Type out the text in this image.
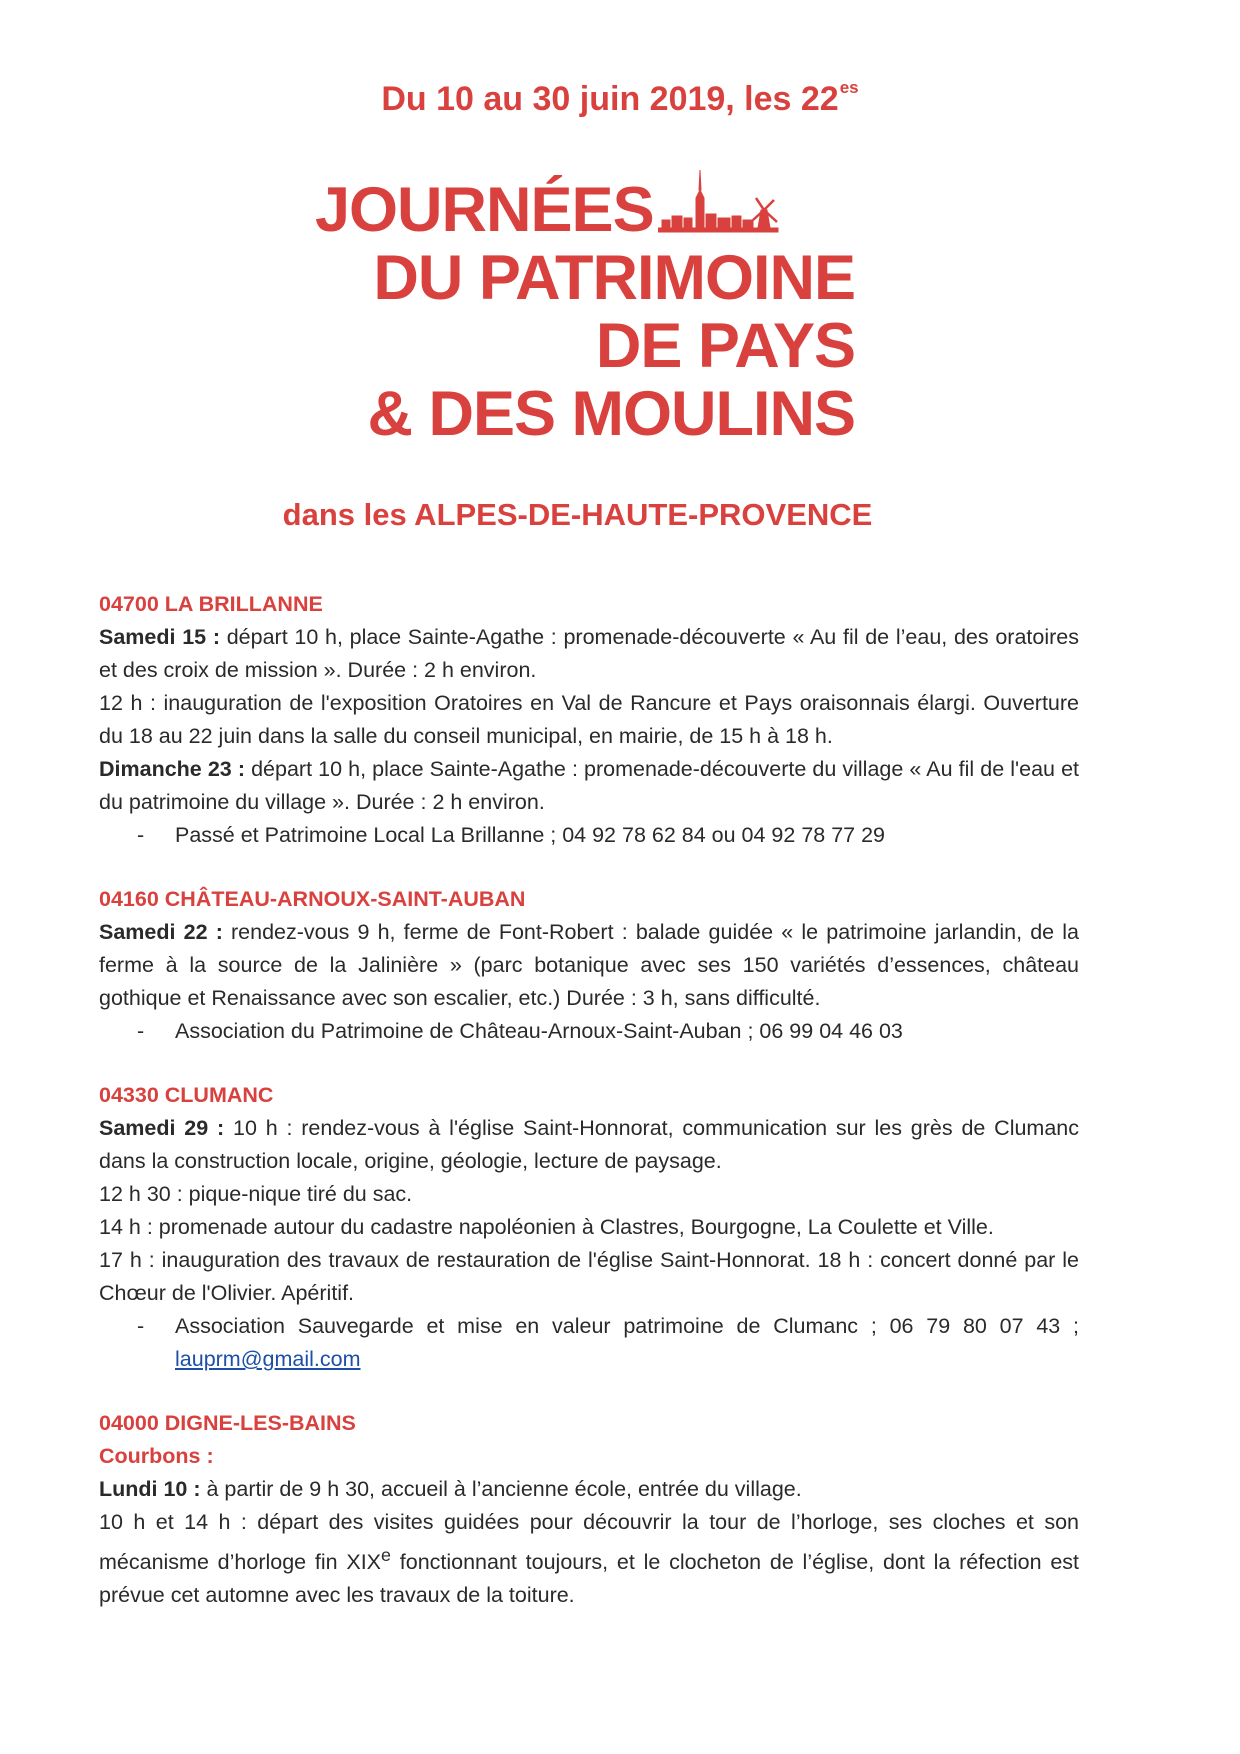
Du 10 au 30 juin 2019, les $22^{es}$
JOURNÉES
DU PATRIMOINE
DE PAYS
& DES MOULINS
dans les ALPES-DE-HAUTE-PROVENCE
04700 LA BRILLANNE
Samedi 15 : départ 10 h, place Sainte-Agathe : promenade-découverte « Au fil de l’eau, des oratoires et des croix de mission ». Durée : 2 h environ.
12 h : inauguration de l'exposition Oratoires en Val de Rancure et Pays oraisonnais élargi. Ouverture du 18 au 22 juin dans la salle du conseil municipal, en mairie, de 15 h à 18 h.
Dimanche 23 : départ 10 h, place Sainte-Agathe : promenade-découverte du village « Au fil de l'eau et du patrimoine du village ». Durée : 2 h environ.
-	Passé et Patrimoine Local La Brillanne ; 04 92 78 62 84 ou 04 92 78 77 29
04160 CHÂTEAU-ARNOUX-SAINT-AUBAN
Samedi 22 : rendez-vous 9 h, ferme de Font-Robert : balade guidée « le patrimoine jarlandin, de la ferme à la source de la Jalinière » (parc botanique avec ses 150 variétés d’essences, château gothique et Renaissance avec son escalier, etc.) Durée : 3 h, sans difficulté.
-	Association du Patrimoine de Château-Arnoux-Saint-Auban ; 06 99 04 46 03
04330 CLUMANC
Samedi 29 : 10 h : rendez-vous à l'église Saint-Honnorat, communication sur les grès de Clumanc dans la construction locale, origine, géologie, lecture de paysage.
12 h 30 : pique-nique tiré du sac.
14 h : promenade autour du cadastre napoléonien à Clastres, Bourgogne, La Coulette et Ville.
17 h : inauguration des travaux de restauration de l'église Saint-Honnorat. 18 h : concert donné par le Chœur de l'Olivier. Apéritif.
-	Association Sauvegarde et mise en valeur patrimoine de Clumanc ; 06 79 80 07 43 ; lauprm@gmail.com
04000 DIGNE-LES-BAINS
Courbons :
Lundi 10 : à partir de 9 h 30, accueil à l’ancienne école, entrée du village.
10 h et 14 h : départ des visites guidées pour découvrir la tour de l’horloge, ses cloches et son mécanisme d’horloge fin XIXe fonctionnant toujours, et le clocheton de l’église, dont la réfection est prévue cet automne avec les travaux de la toiture.
